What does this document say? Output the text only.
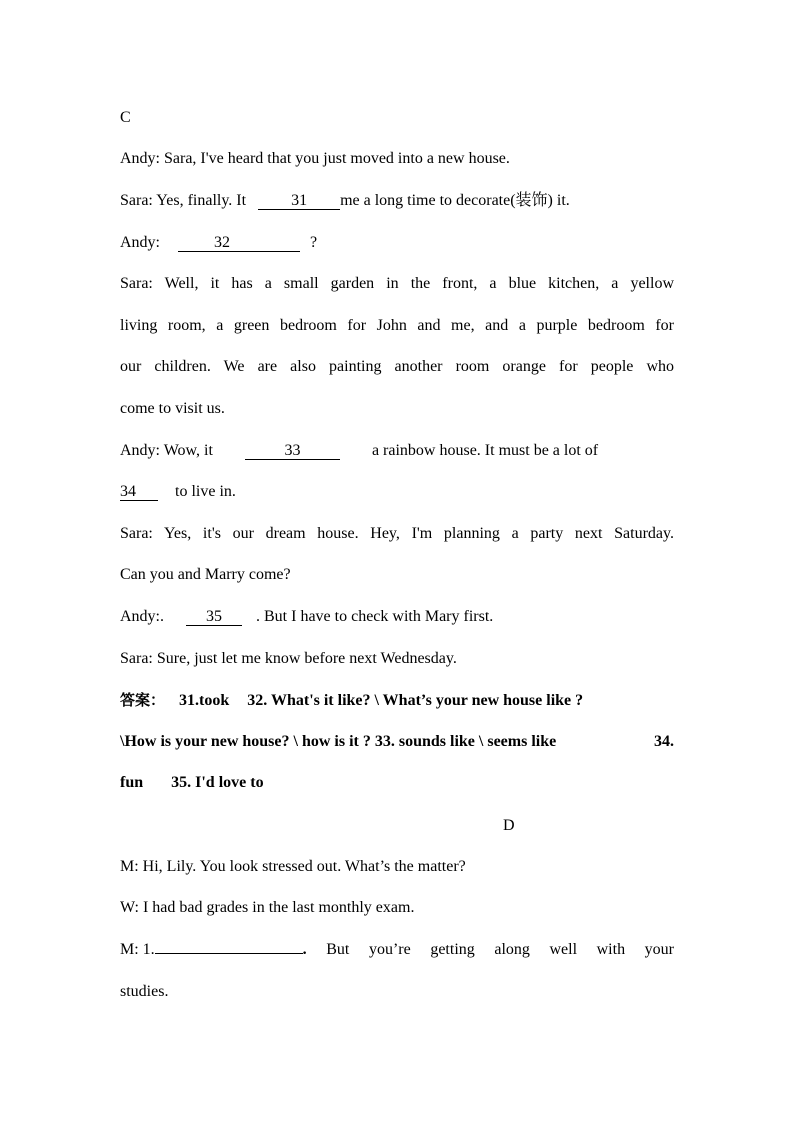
C
Andy: Sara, I've heard that you just moved into a new house.
Sara: Yes, finally. It	31 me a long time to decorate(装饰) it.
Andy:	32	?
Sara: Well, it has a small garden in the front, a blue kitchen, a yellow
living room, a green bedroom for John and me, and a purple bedroom for
our children. We are also painting another room orange for people who
come to visit us.
Andy: Wow, it	33	a rainbow house. It must be a lot of
34 to live in.
Sara: Yes, it's our dream house. Hey, I'm planning a party next Saturday.
Can you and Marry come?
Andy:.	35 . But I have to check with Mary first.
Sara: Sure, just let me know before next Wednesday.
答案： 31.took 32. What's it like? \ What’s your new house like ?
\How is your new house? \ how is it ? 33. sounds like \ seems like	34.
fun 35. I'd love to
D
M: Hi, Lily. You look stressed out. What’s the matter?
W: I had bad grades in the last monthly exam.
M: 1.	. But you’re getting along well with your
studies.
